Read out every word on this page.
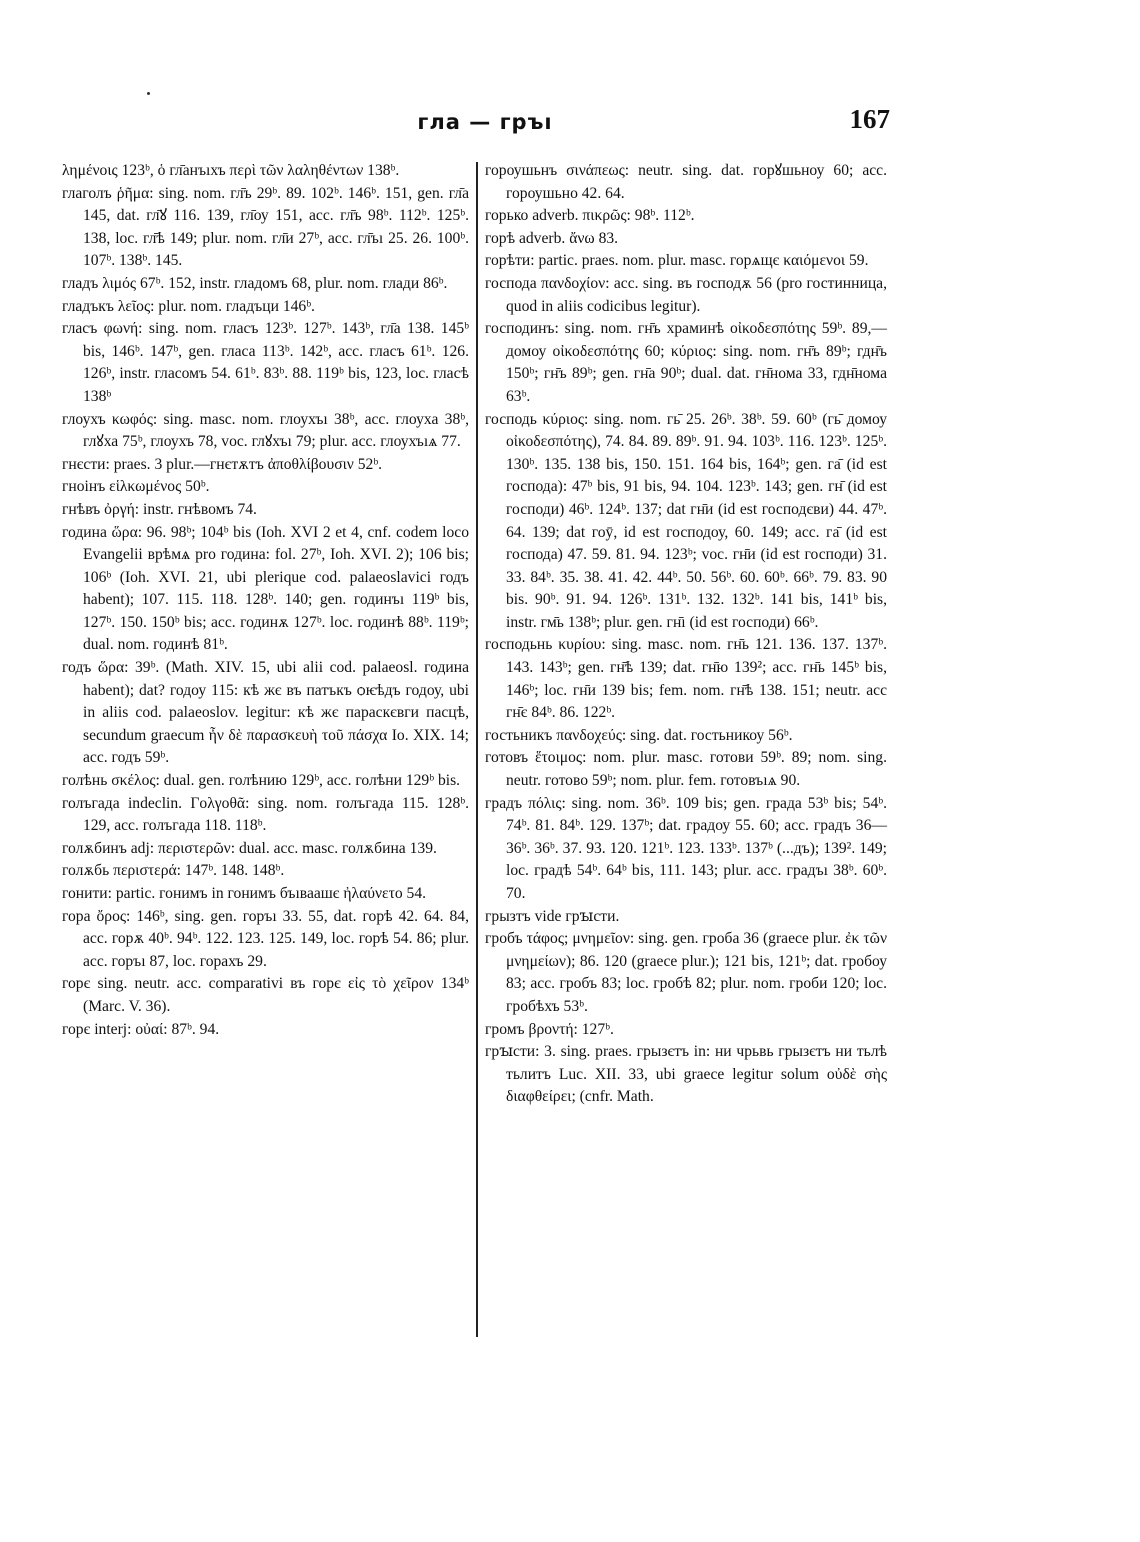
гла — гръı	167

λημένοις 123ᵇ, ὁ гл̄анъıхъ περὶ τῶν λαληθέντων 138ᵇ.

глаголъ ῥῆμα: sing. nom. гл̄ъ 29ᵇ. 89. 102ᵇ. 146ᵇ. 151, gen. гл̄а 145, dat. гл̄ꙋ 116. 139, гл̄оу 151, acc. гл̄ъ 98ᵇ. 112ᵇ. 125ᵇ. 138, loc. гл̄ѣ 149; plur. nom. гл̄и 27ᵇ, acc. гл̄ъı 25. 26. 100ᵇ. 107ᵇ. 138ᵇ. 145.

гладъ λιμός 67ᵇ. 152, instr. гладомъ 68, plur. nom. глади 86ᵇ.

гладъкъ λεῖος: plur. nom. гладъци 146ᵇ.

гласъ φωνή: sing. nom. гласъ 123ᵇ. 127ᵇ. 143ᵇ, гл̄а 138. 145ᵇ bis, 146ᵇ. 147ᵇ, gen. гласа 113ᵇ. 142ᵇ, acc. гласъ 61ᵇ. 126. 126ᵇ, instr. гласомъ 54. 61ᵇ. 83ᵇ. 88. 119ᵇ bis, 123, loc. гласѣ 138ᵇ

глоухъ κωφός: sing. masc. nom. глоухъı 38ᵇ, acc. глоуха 38ᵇ, глꙋха 75ᵇ, глоухъ 78, voc. глꙋхъı 79; plur. acc. глоухъıѧ 77.

гнєсти: praes. 3 plur.—гнєтѫтъ ἀποθλίβουσιν 52ᵇ.

гноінъ εἱλκωμένος 50ᵇ.

гнѣвъ ὀργή: instr. гнѣвомъ 74.

година ὥρα: 96. 98ᵇ; 104ᵇ bis (Ioh. XVI 2 et 4, cnf. codem loco Evangelii врѣмѧ pro година: fol. 27ᵇ, Ioh. XVI. 2); 106 bis; 106ᵇ (Ioh. XVI. 21, ubi plerique cod. palaeoslavici годъ habent); 107. 115. 118. 128ᵇ. 140; gen. годинъı 119ᵇ bis, 127ᵇ. 150. 150ᵇ bis; acc. годинѫ 127ᵇ. loc. годинѣ 88ᵇ. 119ᵇ; dual. nom. годинѣ 81ᵇ.

годъ ὥρα: 39ᵇ. (Math. XIV. 15, ubi alii cod. palaeosl. година habent); dat? годоу 115: кѣ жє въ патъкъ ѻѥѣдъ годоу, ubi in aliis cod. palaeoslov. legitur: кѣ жє параскєвги пасцѣ, secundum graecum ἦν δὲ παρασκευὴ τοῦ πάσχα Io. XIX. 14; acc. годъ 59ᵇ.

голѣнь σκέλος: dual. gen. голѣнию 129ᵇ, acc. голѣни 129ᵇ bis.

голъгада indeclin. Γολγοθᾶ: sing. nom. голъгада 115. 128ᵇ. 129, acc. голъгада 118. 118ᵇ.

голѫбинъ adj: περιστερῶν: dual. acc. masc. голѫбина 139.

голѫбь περιστερά: 147ᵇ. 148. 148ᵇ.

гонити: partic. гонимъ in гонимъ бъıваашє ἠλαύνετο 54.

гора ὄρος: 146ᵇ, sing. gen. горъı 33. 55, dat. горѣ 42. 64. 84, acc. горѫ 40ᵇ. 94ᵇ. 122. 123. 125. 149, loc. горѣ 54. 86; plur. acc. горъı 87, loc. горахъ 29.

горє sing. neutr. acc. comparativi въ горє εἰς τὸ χεῖρον 134ᵇ (Marc. V. 36).

горє interj: οὐαί: 87ᵇ. 94.

гороушьнъ σινάπεως: neutr. sing. dat. горꙋшьноу 60; acc. гороушьно 42. 64.

горько adverb. πικρῶς: 98ᵇ. 112ᵇ.

горѣ adverb. ἄνω 83.

горѣти: partic. praes. nom. plur. masc. горѧщє καιόμενοι 59.

господа πανδοχίον: acc. sing. въ господѫ 56 (pro гостинница, quod in aliis codicibus legitur).

господинъ: sing. nom. гн̄ъ храминѣ οἰκοδεσπότης 59ᵇ. 89,—домоу οἰκοδεσπότης 60; κύριος: sing. nom. гн̄ъ 89ᵇ; гдн̄ъ 150ᵇ; гн̄ъ 89ᵇ; gen. гн̄а 90ᵇ; dual. dat. гн̄нома 33, гдн̄нома 63ᵇ.

господь κύριος: sing. nom. гь̄ 25. 26ᵇ. 38ᵇ. 59. 60ᵇ (гь̄ домоу οἰκοδεσπότης), 74. 84. 89. 89ᵇ. 91. 94. 103ᵇ. 116. 123ᵇ. 125ᵇ. 130ᵇ. 135. 138 bis, 150. 151. 164 bis, 164ᵇ; gen. га̄ (id est господа): 47ᵇ bis, 91 bis, 94. 104. 123ᵇ. 143; gen. гн̄ (id est господи) 46ᵇ. 124ᵇ. 137; dat гн̄и (id est господєви) 44. 47ᵇ. 64. 139; dat гоӯ, id est господоу, 60. 149; acc. га̄ (id est господа) 47. 59. 81. 94. 123ᵇ; voc. гн̄и (id est господи) 31. 33. 84ᵇ. 35. 38. 41. 42. 44ᵇ. 50. 56ᵇ. 60. 60ᵇ. 66ᵇ. 79. 83. 90 bis. 90ᵇ. 91. 94. 126ᵇ. 131ᵇ. 132. 132ᵇ. 141 bis, 141ᵇ bis, instr. гм̄ь 138ᵇ; plur. gen. гн̄ı (id est господи) 66ᵇ.

господьнь κυρίου: sing. masc. nom. гн̄ь 121. 136. 137. 137ᵇ. 143. 143ᵇ; gen. гн̄ѣ 139; dat. гн̄ю 139²; acc. гн̄ь 145ᵇ bis, 146ᵇ; loc. гн̄и 139 bis; fem. nom. гн̄ѣ 138. 151; neutr. acc гн̄є 84ᵇ. 86. 122ᵇ.

гостьникъ πανδοχεύς: sing. dat. гостьникоу 56ᵇ.

готовъ ἕτοιμος: nom. plur. masc. готови 59ᵇ. 89; nom. sing. neutr. готово 59ᵇ; nom. plur. fem. готовъıѧ 90.

градъ πόλις: sing. nom. 36ᵇ. 109 bis; gen. града 53ᵇ bis; 54ᵇ. 74ᵇ. 81. 84ᵇ. 129. 137ᵇ; dat. градоу 55. 60; acc. градъ 36—36ᵇ. 36ᵇ. 37. 93. 120. 121ᵇ. 123. 133ᵇ. 137ᵇ (...дъ); 139². 149; loc. градѣ 54ᵇ. 64ᵇ bis, 111. 143; plur. acc. градъı 38ᵇ. 60ᵇ. 70.

грызтъ vide грꙑсти.

гробъ τάφος; μνημεῖον: sing. gen. гроба 36 (graece plur. ἐκ τῶν μνημείων); 86. 120 (graece plur.); 121 bis, 121ᵇ; dat. гробоу 83; acc. гробъ 83; loc. гробѣ 82; plur. nom. гроби 120; loc. гробѣхъ 53ᵇ.

громъ βροντή: 127ᵇ.

грꙑсти: 3. sing. praes. грызєтъ in: ни чрьвь грызєтъ ни тьлѣ тьлитъ Luc. XII. 33, ubi graece legitur solum οὐδὲ σὴς διαφθείρει; (cnfr. Math.
